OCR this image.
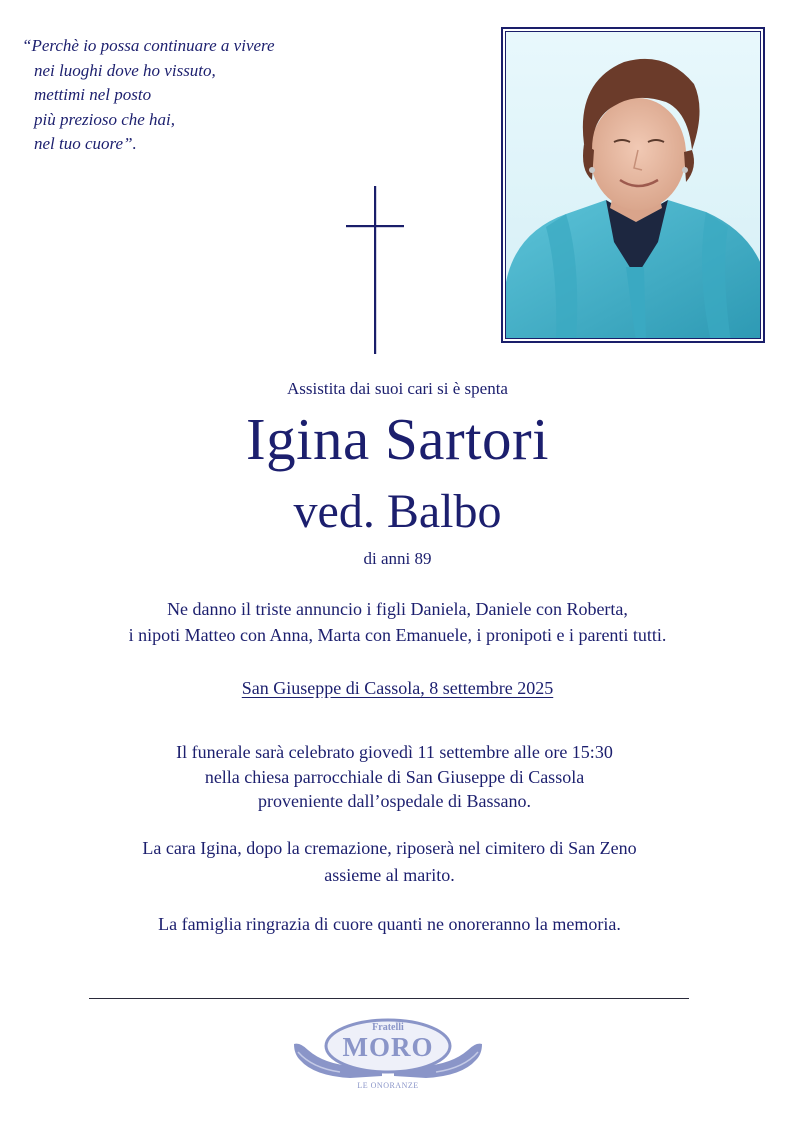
“Perchè io possa continuare a vivere
nei luoghi dove ho vissuto,
mettimi nel posto
più prezioso che hai,
nel tuo cuore”.
Assistita dai suoi cari si è spenta
Igina Sartori
ved. Balbo
di anni 89
Ne danno il triste annuncio i figli Daniela, Daniele con Roberta,
i nipoti Matteo con Anna, Marta con Emanuele, i pronipoti e i parenti tutti.
San Giuseppe di Cassola, 8 settembre 2025
Il funerale sarà celebrato giovedì 11 settembre alle ore 15:30
nella chiesa parrocchiale di San Giuseppe di Cassola
proveniente dall’ospedale di Bassano.
La cara Igina, dopo la cremazione, riposerà nel cimitero di San Zeno
assieme al marito.
La famiglia ringrazia di cuore quanti ne onoreranno la memoria.
Fratelli
MORO
LE ONORANZE
